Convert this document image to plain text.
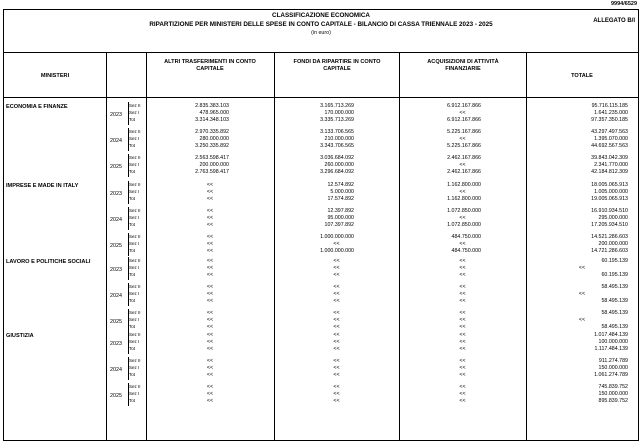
9994/6529
CLASSIFICAZIONE ECONOMICA
RIPARTIZIONE PER MINISTERI DELLE SPESE IN CONTO CAPITALE - BILANCIO DI CASSA TRIENNALE 2023 - 2025
(in euro)
ALLEGATO B/I
MINISTERI
ALTRI TRASFERIMENTI IN CONTO CAPITALE
FONDI DA RIPARTIRE IN CONTO CAPITALE
ACQUISIZIONI DI ATTIVITÀ FINANZIARIE
TOTALE
ECONOMIA E FINANZE
2023
Sez II	2.835.383.103	3.165.713.269	6.912.167.866	95.716.115.185
Sez I	478.965.000	170.000.000	<<	1.641.235.000
Tot	3.314.348.103	3.335.713.269	6.912.167.866	97.357.350.185
2024
Sez II	2.970.335.892	3.133.706.565	5.225.167.866	43.297.497.563
Sez I	280.000.000	210.000.000	<<	1.395.070.000
Tot	3.250.335.892	3.343.706.565	5.225.167.866	44.692.567.563
2025
Sez II	2.563.598.417	3.036.684.092	2.462.167.866	39.843.042.309
Sez I	200.000.000	260.000.000	<<	2.341.770.000
Tot	2.763.598.417	3.296.684.092	2.462.167.866	42.184.812.309
IMPRESE E MADE IN ITALY
2023
Sez II	<<	12.574.892	1.162.800.000	18.005.065.913
Sez I	<<	5.000.000	<<	1.005.000.000
Tot	<<	17.574.892	1.162.800.000	19.005.065.913
2024
Sez II	<<	12.397.892	1.072.850.000	16.910.934.510
Sez I	<<	95.000.000	<<	295.000.000
Tot	<<	107.397.892	1.072.850.000	17.205.934.510
2025
Sez II	<<	1.000.000.000	484.750.000	14.521.286.603
Sez I	<<	<<	<<	200.000.000
Tot	<<	1.000.000.000	484.750.000	14.721.286.603
LAVORO E POLITICHE SOCIALI
2023
Sez II	<<	<<	<<	60.195.139
Sez I	<<	<<	<<	<<
Tot	<<	<<	<<	60.195.139
2024
Sez II	<<	<<	<<	58.495.139
Sez I	<<	<<	<<	<<
Tot	<<	<<	<<	58.495.139
2025
Sez II	<<	<<	<<	58.495.139
Sez I	<<	<<	<<	<<
Tot	<<	<<	<<	58.495.139
GIUSTIZIA
2023
Sez II	<<	<<	<<	1.017.484.139
Sez I	<<	<<	<<	100.000.000
Tot	<<	<<	<<	1.117.484.139
2024
Sez II	<<	<<	<<	911.274.789
Sez I	<<	<<	<<	150.000.000
Tot	<<	<<	<<	1.061.274.789
2025
Sez II	<<	<<	<<	745.839.752
Sez I	<<	<<	<<	150.000.000
Tot	<<	<<	<<	895.839.752
